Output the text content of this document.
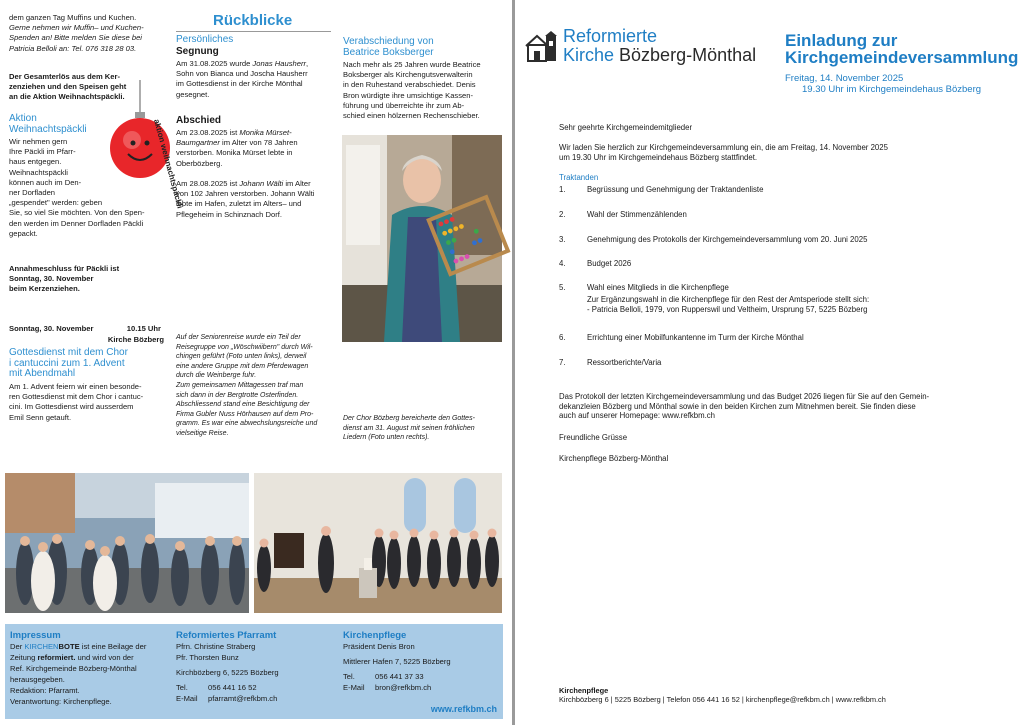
dem ganzen Tag Muffins und Kuchen.

Gerne nehmen wir Muffin– und Kuchen-

Spenden an! Bitte melden Sie diese bei

Patricia Belloli an: Tel. 076 318 28 03.

Der Gesamterlös aus dem Ker-

zenziehen und den Speisen geht

an die Aktion Weihnachtspäckli.

Aktion
Weihnachtspäckli

Wir nehmen gern

Ihre Päckli im Pfarr-

haus entgegen.

Weihnachtspäckli

können auch im Den-

ner Dorfladen

„gespendet" werden: geben

Sie, so viel Sie möchten. Von den Spen-

den werden im Denner Dorfladen Päckli

gepackt.

aktion weihnachtspäckli

Annahmeschluss für Päckli ist

Sonntag, 30. November

beim Kerzenziehen.

Sonntag, 30. November	10.15 Uhr
Kirche Bözberg
Gottesdienst mit dem Chor
i cantuccini zum 1. Advent
mit Abendmahl

Am 1. Advent feiern wir einen besonde-

ren Gottesdienst mit dem Chor i cantuc-

cini. Im Gottesdienst wird ausserdem

Emil Senn getauft.

Rückblicke
Persönliches
Segnung

Am 31.08.2025 wurde Jonas Hausherr,

Sohn von Bianca und Joscha Hausherr

im Gottesdienst in der Kirche Mönthal

gesegnet.

Abschied

Am 23.08.2025 ist Monika Mürset-

Baumgartner im Alter von 78 Jahren

verstorben. Monika Mürset lebte in

Oberbözberg.

Am 28.08.2025 ist Johann Wälti im Alter

von 102 Jahren verstorben. Johann Wälti

lebte im Hafen, zuletzt im Alters– und

Pflegeheim in Schinznach Dorf.

Auf der Seniorenreise wurde ein Teil der

Reisegruppe von „Wöschwiibern" durch Wil-

chingen geführt (Foto unten links), derweil

eine andere Gruppe mit dem Pferdewagen

durch die Weinberge fuhr.

Zum gemeinsamen Mittagessen traf man

sich dann in der Bergtrotte Osterfinden.

Abschliessend stand eine Besichtigung der

Firma Gubler Nuss Hörhausen auf dem Pro-

gramm. Es war eine abwechslungsreiche und

vielseitige Reise.

Verabschiedung von
Beatrice Boksberger

Nach mehr als 25 Jahren wurde Beatrice

Boksberger als Kirchengutsverwalterin

in den Ruhestand verabschiedet. Denis

Bron würdigte ihre umsichtige Kassen-

führung und überreichte ihr zum Ab-

schied einen hölzernen Rechenschieber.

Der Chor Bözberg bereicherte den Gottes-

dienst am 31. August mit seinen fröhlichen

Liedern (Foto unten rechts).

Impressum
Der KIRCHENBOTE ist eine Beilage der
Zeitung reformiert. und wird von der
Ref. Kirchgemeinde Bözberg-Mönthal
herausgegeben.
Redaktion: Pfarramt.
Verantwortung: Kirchenpflege.
Reformiertes Pfarramt
Pfrn. Christine Straberg
Pfr. Thorsten Bunz
Kirchbözberg 6, 5225 Bözberg
Tel.	056 441 16 52
E-Mail pfarramt@refkbm.ch
Kirchenpflege
Präsident Denis Bron
Mittlerer Hafen 7, 5225 Bözberg
Tel.	056 441 37 33
E-Mail bron@refkbm.ch
www.refkbm.ch
Reformierte
Kirche Bözberg-Mönthal
Einladung zur
Kirchgemeindeversammlung
Freitag, 14. November 2025
19.30 Uhr im Kirchgemeindehaus Bözberg
Sehr geehrte Kirchgemeindemitglieder
Wir laden Sie herzlich zur Kirchgemeindeversammlung ein, die am Freitag, 14. November 2025
um 19.30 Uhr im Kirchgemeindehaus Bözberg stattfindet.
Traktanden
1.	Begrüssung und Genehmigung der Traktandenliste
2.	Wahl der Stimmenzählenden
3.	Genehmigung des Protokolls der Kirchgemeindeversammlung vom 20. Juni 2025
4.	Budget 2026
5.	Wahl eines Mitglieds in die Kirchenpflege
Zur Ergänzungswahl in die Kirchenpflege für den Rest der Amtsperiode stellt sich:
- Patricia Belloli, 1979, von Rupperswil und Veltheim, Ursprung 57, 5225 Bözberg
6.	Errichtung einer Mobilfunkantenne im Turm der Kirche Mönthal
7.	Ressortberichte/Varia
Das Protokoll der letzten Kirchgemeindeversammlung und das Budget 2026 liegen für Sie auf den Gemein-
dekanzleien Bözberg und Mönthal sowie in den beiden Kirchen zum Mitnehmen bereit. Sie finden diese
auch auf unserer Homepage: www.refkbm.ch
Freundliche Grüsse
Kirchenpflege Bözberg-Mönthal
Kirchenpflege
Kirchbözberg 6 | 5225 Bözberg | Telefon 056 441 16 52 | kirchenpflege@refkbm.ch | www.refkbm.ch
